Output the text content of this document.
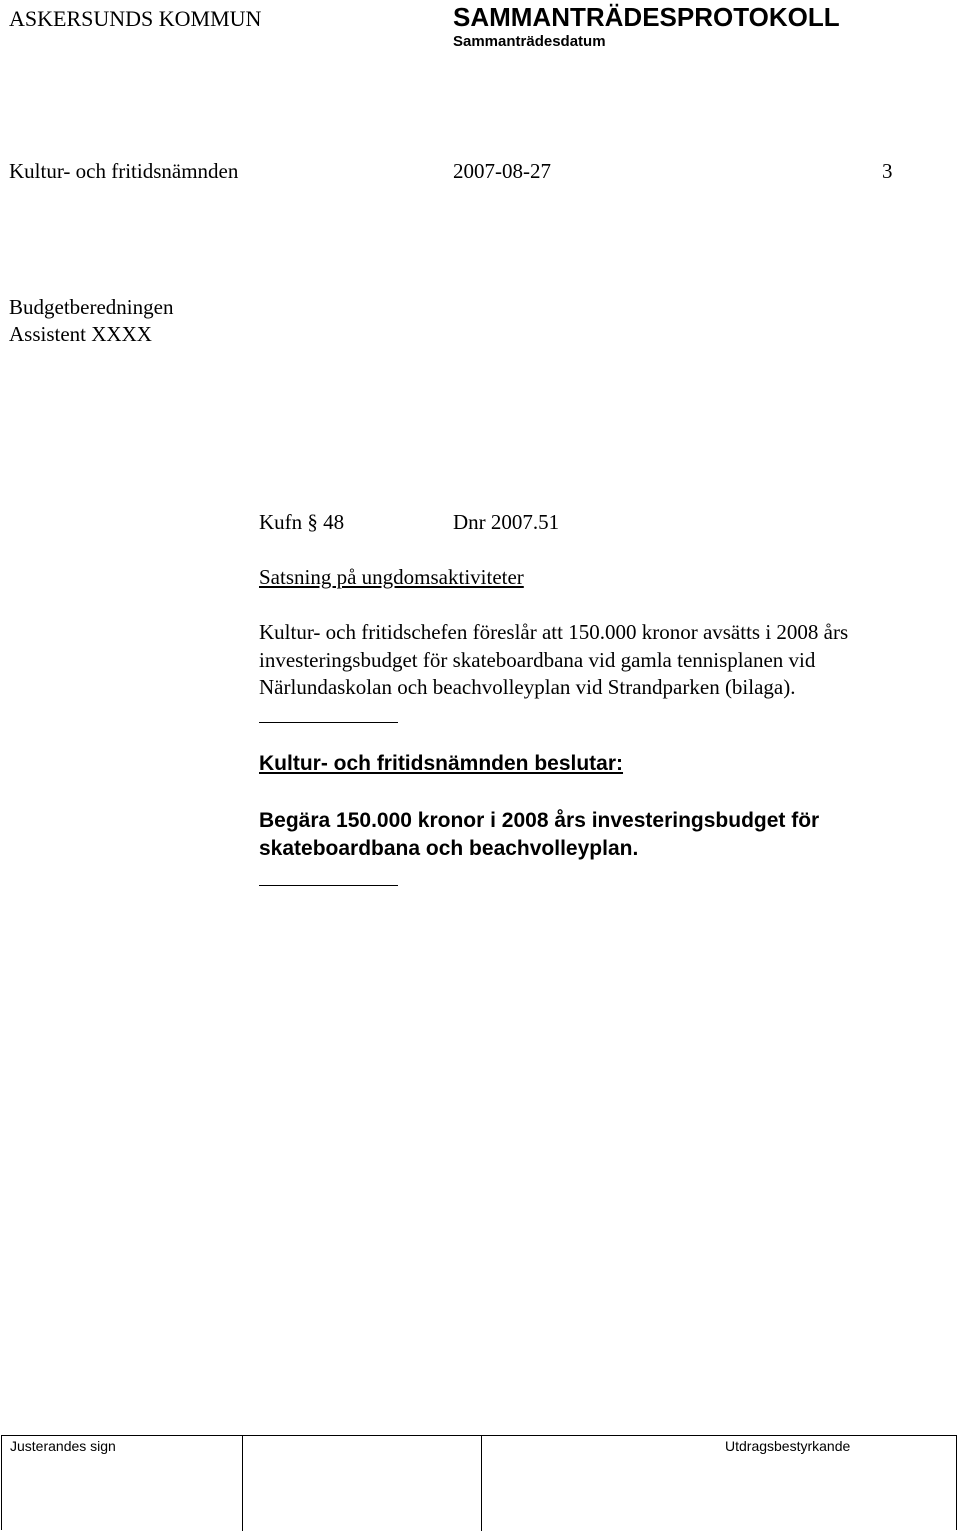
ASKERSUNDS KOMMUN	SAMMANTRÄDESPROTOKOLL
Sammanträdesdatum
Kultur- och fritidsnämnden	2007-08-27	3
Budgetberedningen
Assistent XXXX
Kufn § 48	Dnr 2007.51
Satsning på ungdomsaktiviteter
Kultur- och fritidschefen föreslår att 150.000 kronor avsätts i 2008 års
investeringsbudget för skateboardbana vid gamla tennisplanen vid
Närlundaskolan och beachvolleyplan vid Strandparken (bilaga).
Kultur- och fritidsnämnden beslutar:
Begära 150.000 kronor i 2008 års investeringsbudget för
skateboardbana och beachvolleyplan.
Justerandes sign	Utdragsbestyrkande
